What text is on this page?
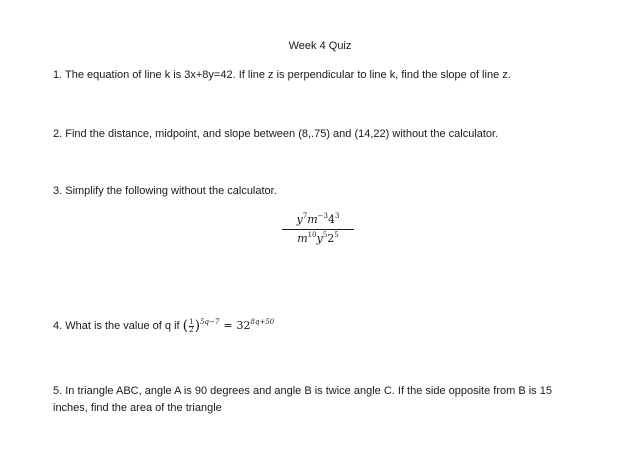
Week 4 Quiz
1. The equation of line k is 3x+8y=42. If line z is perpendicular to line k, find the slope of line z.
2. Find the distance, midpoint, and slope between (8,.75) and (14,22) without the calculator.
3. Simplify the following without the calculator.
$y^7m^{-3}4^3$
$m^{10}y^52^5$
4. What is the value of q if $(\frac{1}{2} )^{5q-7} = 32^{8q+50}$
5. In triangle ABC, angle A is 90 degrees and angle B is twice angle C. If the side opposite from B is 15 inches, find the area of the triangle
